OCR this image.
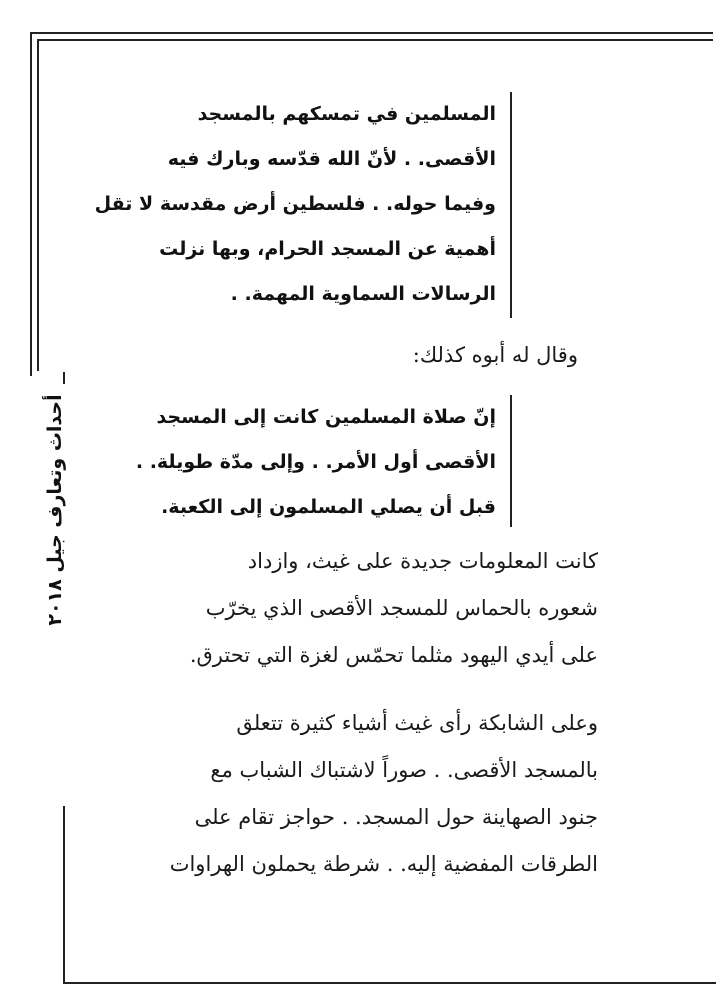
أحداث وتعارف جيل ٢٠١٨
المسلمين في تمسكهم بالمسجد
الأقصى. . لأنّ الله قدّسه وبارك فيه
وفيما حوله. . فلسطين أرض مقدسة لا تقل
أهمية عن المسجد الحرام، وبها نزلت
الرسالات السماوية المهمة. .
وقال له أبوه كذلك:
إنّ صلاة المسلمين كانت إلى المسجد
الأقصى أول الأمر. . وإلى مدّة طويلة. .
قبل أن يصلي المسلمون إلى الكعبة.
كانت المعلومات جديدة على غيث، وازداد
شعوره بالحماس للمسجد الأقصى الذي يخرّب
على أيدي اليهود مثلما تحمّس لغزة التي تحترق.
وعلى الشابكة رأى غيث أشياء كثيرة تتعلق
بالمسجد الأقصى. . صوراً لاشتباك الشباب مع
جنود الصهاينة حول المسجد. . حواجز تقام على
الطرقات المفضية إليه. . شرطة يحملون الهراوات
